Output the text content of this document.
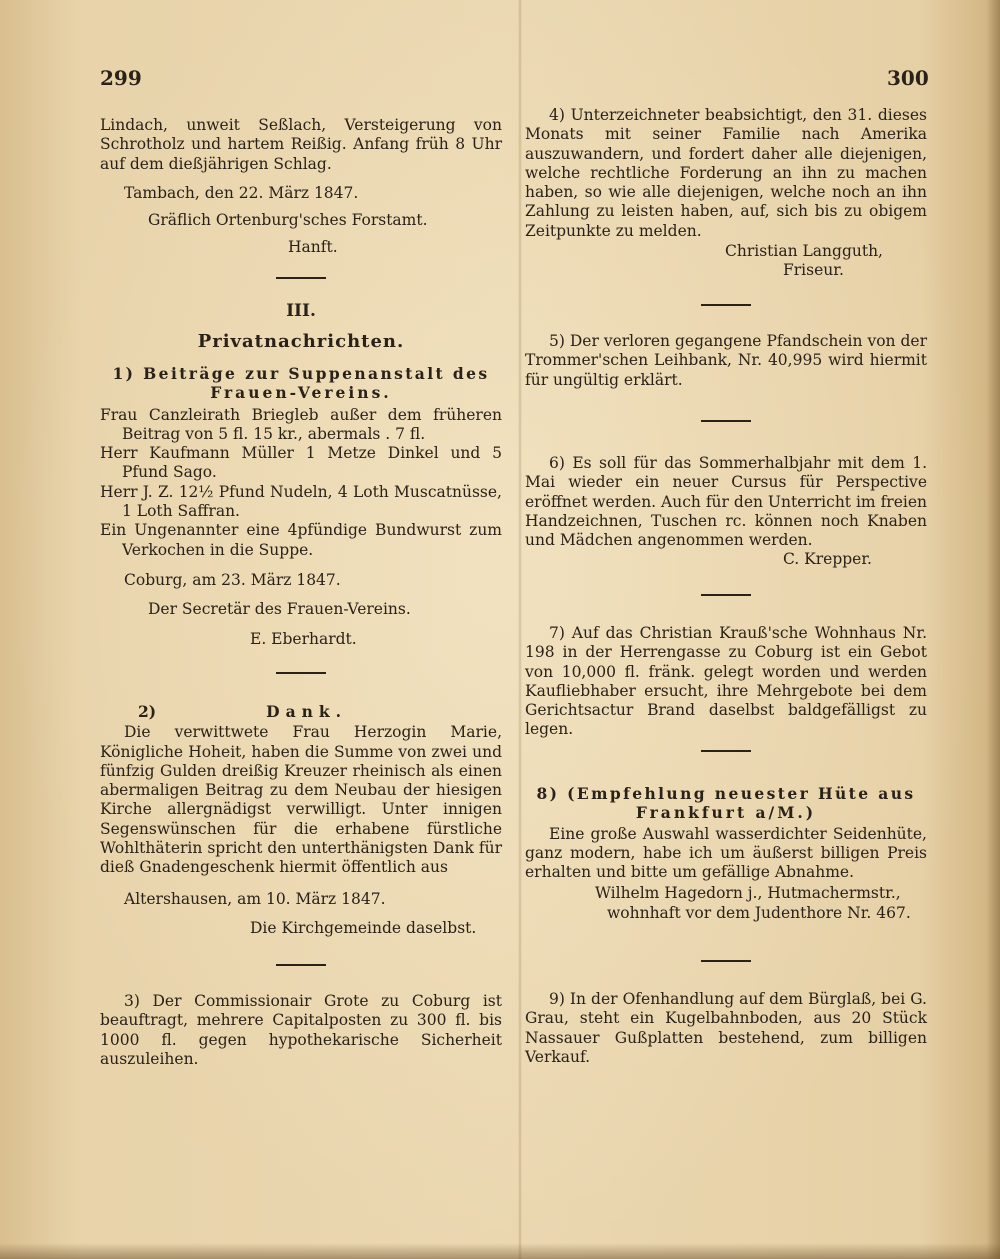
299	300

Lindach, unweit Seßlach, Versteigerung von Schrotholz und hartem Reißig. Anfang früh 8 Uhr auf dem dießjährigen Schlag.

Tambach, den 22. März 1847.

Gräflich Ortenburg'sches Forstamt.

Hanft.

III.
Privatnachrichten.

1) Beiträge zur Suppenanstalt des

Frauen-Vereins.

Frau Canzleirath Briegleb außer dem früheren Beitrag von 5 fl. 15 kr., abermals . 7 fl.

Herr Kaufmann Müller 1 Metze Dinkel und 5 Pfund Sago.

Herr J. Z. 12½ Pfund Nudeln, 4 Loth Muscatnüsse, 1 Loth Saffran.

Ein Ungenannter eine 4pfündige Bundwurst zum Verkochen in die Suppe.

Coburg, am 23. März 1847.

Der Secretär des Frauen-Vereins.

E. Eberhardt.

2)	Dank.

Die verwittwete Frau Herzogin Marie, Königliche Hoheit, haben die Summe von zwei und fünfzig Gulden dreißig Kreuzer rheinisch als einen abermaligen Beitrag zu dem Neubau der hiesigen Kirche allergnädigst verwilligt. Unter innigen Segenswünschen für die erhabene fürstliche Wohlthäterin spricht den unterthänigsten Dank für dieß Gnadengeschenk hiermit öffentlich aus

Altershausen, am 10. März 1847.

Die Kirchgemeinde daselbst.

3) Der Commissionair Grote zu Coburg ist beauftragt, mehrere Capitalposten zu 300 fl. bis 1000 fl. gegen hypothekarische Sicherheit auszuleihen.

4) Unterzeichneter beabsichtigt, den 31. dieses Monats mit seiner Familie nach Amerika auszuwandern, und fordert daher alle diejenigen, welche rechtliche Forderung an ihn zu machen haben, so wie alle diejenigen, welche noch an ihn Zahlung zu leisten haben, auf, sich bis zu obigem Zeitpunkte zu melden.

Christian Langguth,

Friseur.

5) Der verloren gegangene Pfandschein von der Trommer'schen Leihbank, Nr. 40,995 wird hiermit für ungültig erklärt.

6) Es soll für das Sommerhalbjahr mit dem 1. Mai wieder ein neuer Cursus für Perspective eröffnet werden. Auch für den Unterricht im freien Handzeichnen, Tuschen rc. können noch Knaben und Mädchen angenommen werden.

C. Krepper.

7) Auf das Christian Krauß'sche Wohnhaus Nr. 198 in der Herrengasse zu Coburg ist ein Gebot von 10,000 fl. fränk. gelegt worden und werden Kaufliebhaber ersucht, ihre Mehrgebote bei dem Gerichtsactur Brand daselbst baldgefälligst zu legen.

8) (Empfehlung neuester Hüte aus

Frankfurt a/M.)

Eine große Auswahl wasserdichter Seidenhüte, ganz modern, habe ich um äußerst billigen Preis erhalten und bitte um gefällige Abnahme.

Wilhelm Hagedorn j., Hutmachermstr.,

wohnhaft vor dem Judenthore Nr. 467.

9) In der Ofenhandlung auf dem Bürglaß, bei G. Grau, steht ein Kugelbahnboden, aus 20 Stück Nassauer Gußplatten bestehend, zum billigen Verkauf.
